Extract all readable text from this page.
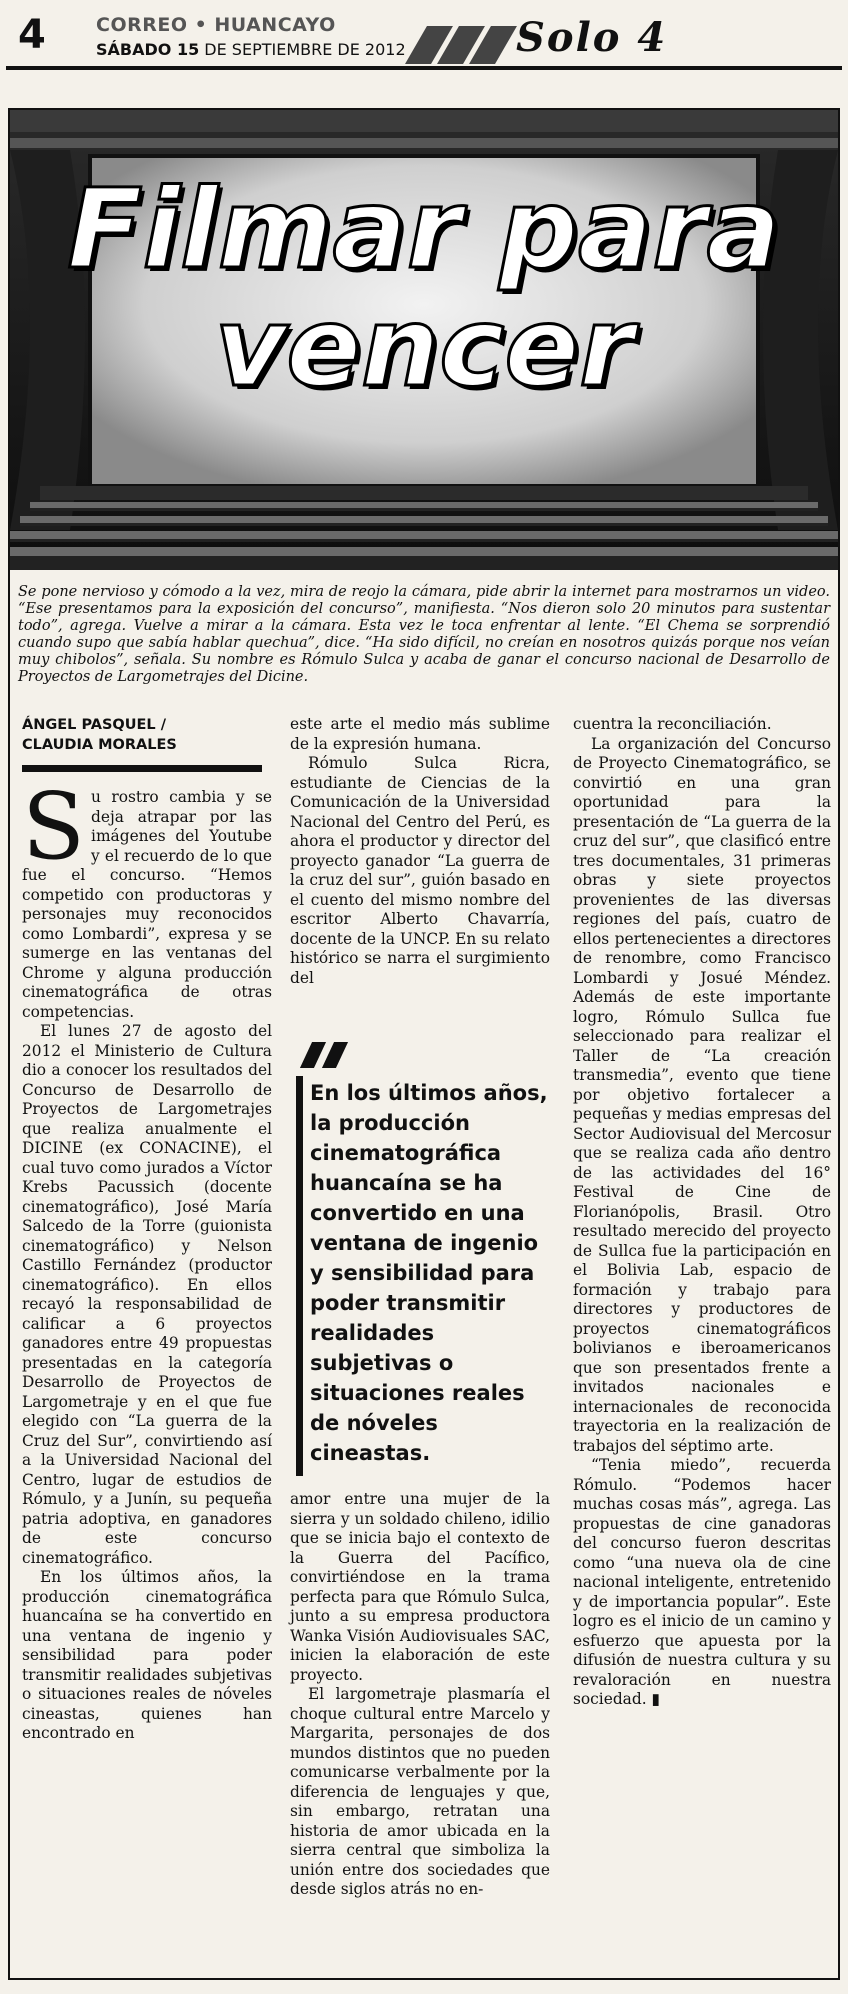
4	CORREO • HUANCAYO
SÁBADO 15 DE SEPTIEMBRE DE 2012	Solo 4
Filmar para
vencer
Se pone nervioso y cómodo a la vez, mira de reojo la cámara, pide abrir la internet para mostrarnos un video. “Ese presentamos para la exposición del concurso”, manifiesta. “Nos dieron solo 20 minutos para sustentar todo”, agrega. Vuelve a mirar a la cámara. Esta vez le toca enfrentar al lente. “El Chema se sorprendió cuando supo que sabía hablar quechua”, dice. “Ha sido difícil, no creían en nosotros quizás porque nos veían muy chibolos”, señala. Su nombre es Rómulo Sulca y acaba de ganar el concurso nacional de Desarrollo de Proyectos de Largometrajes del Dicine.

ÁNGEL PASQUEL /

CLAUDIA MORALES

Su rostro cambia y se deja atrapar por las imágenes del Youtube y el recuerdo de lo que fue el concurso. “Hemos competido con productoras y personajes muy reconocidos como Lombardi”, expresa y se sumerge en las ventanas del Chrome y alguna producción cinematográfica de otras competencias.

El lunes 27 de agosto del 2012 el Ministerio de Cultura dio a conocer los resultados del Concurso de Desarrollo de Proyectos de Largometrajes que realiza anualmente el DICINE (ex CONACINE), el cual tuvo como jurados a Víctor Krebs Pacussich (docente cinematográfico), José María Salcedo de la Torre (guionista cinematográfico) y Nelson Castillo Fernández (productor cinematográfico). En ellos recayó la responsabilidad de calificar a 6 proyectos ganadores entre 49 propuestas presentadas en la categoría Desarrollo de Proyectos de Largometraje y en el que fue elegido con “La guerra de la Cruz del Sur”, convirtiendo así a la Universidad Nacional del Centro, lugar de estudios de Rómulo, y a Junín, su pequeña patria adoptiva, en ganadores de este concurso cinematográfico.

En los últimos años, la producción cinematográfica huancaína se ha convertido en una ventana de ingenio y sensibilidad para poder transmitir realidades subjetivas o situaciones reales de nóveles cineastas, quienes han encontrado en

este arte el medio más sublime de la expresión humana.

Rómulo Sulca Ricra, estudiante de Ciencias de la Comunicación de la Universidad Nacional del Centro del Perú, es ahora el productor y director del proyecto ganador “La guerra de la cruz del sur”, guión basado en el cuento del mismo nombre del escritor Alberto Chavarría, docente de la UNCP. En su relato histórico se narra el surgimiento del

En los últimos años, la producción cinematográfica huancaína se ha convertido en una ventana de ingenio y sensibilidad para poder transmitir realidades subjetivas o situaciones reales de nóveles cineastas.

amor entre una mujer de la sierra y un soldado chileno, idilio que se inicia bajo el contexto de la Guerra del Pacífico, convirtiéndose en la trama perfecta para que Rómulo Sulca, junto a su empresa productora Wanka Visión Audiovisuales SAC, inicien la elaboración de este proyecto.

El largometraje plasmaría el choque cultural entre Marcelo y Margarita, personajes de dos mundos distintos que no pueden comunicarse verbalmente por la diferencia de lenguajes y que, sin embargo, retratan una historia de amor ubicada en la sierra central que simboliza la unión entre dos sociedades que desde siglos atrás no en-

cuentra la reconciliación.

La organización del Concurso de Proyecto Cinematográfico, se convirtió en una gran oportunidad para la presentación de “La guerra de la cruz del sur”, que clasificó entre tres documentales, 31 primeras obras y siete proyectos provenientes de las diversas regiones del país, cuatro de ellos pertenecientes a directores de renombre, como Francisco Lombardi y Josué Méndez. Además de este importante logro, Rómulo Sullca fue seleccionado para realizar el Taller de “La creación transmedia”, evento que tiene por objetivo fortalecer a pequeñas y medias empresas del Sector Audiovisual del Mercosur que se realiza cada año dentro de las actividades del 16° Festival de Cine de Florianópolis, Brasil. Otro resultado merecido del proyecto de Sullca fue la participación en el Bolivia Lab, espacio de formación y trabajo para directores y productores de proyectos cinematográficos bolivianos e iberoamericanos que son presentados frente a invitados nacionales e internacionales de reconocida trayectoria en la realización de trabajos del séptimo arte.

“Tenia miedo”, recuerda Rómulo. “Podemos hacer muchas cosas más”, agrega. Las propuestas de cine ganadoras del concurso fueron descritas como “una nueva ola de cine nacional inteligente, entretenido y de importancia popular”. Este logro es el inicio de un camino y esfuerzo que apuesta por la difusión de nuestra cultura y su revaloración en nuestra sociedad. ▮
